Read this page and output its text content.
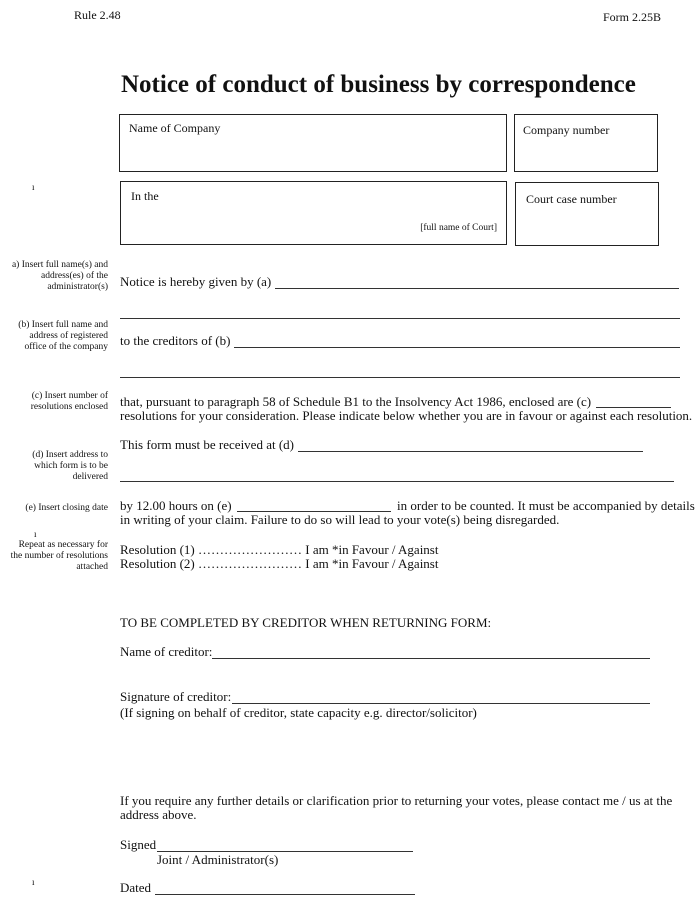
Rule 2.48	Form 2.25B
Notice of conduct of business by correspondence
Name of Company	Company number
ı
In the
[full name of Court]
Court case number
a) Insert full name(s) and
address(es) of the
administrator(s)
(b) Insert full name and
address of registered
office of the company
(c) Insert number of
resolutions enclosed
(d) Insert address to
which form is to be
delivered
(e) Insert closing date
ı
Repeat as necessary for
the number of resolutions
attached
Notice is hereby given by (a)
to the creditors of (b)
that, pursuant to paragraph 58 of Schedule B1 to the Insolvency Act 1986, enclosed are (c)
resolutions for your consideration. Please indicate below whether you are in favour or against each resolution.
This form must be received at (d)
by 12.00 hours on (e)	in order to be counted. It must be accompanied by details
in writing of your claim. Failure to do so will lead to your vote(s) being disregarded.
Resolution (1) …………………… I am *in Favour / Against
Resolution (2) …………………… I am *in Favour / Against
TO BE COMPLETED BY CREDITOR WHEN RETURNING FORM:
Name of creditor:
Signature of creditor:
(If signing on behalf of creditor, state capacity e.g. director/solicitor)
If you require any further details or clarification prior to returning your votes, please contact me / us at the
address above.
Signed
Joint / Administrator(s)
ı	Dated
